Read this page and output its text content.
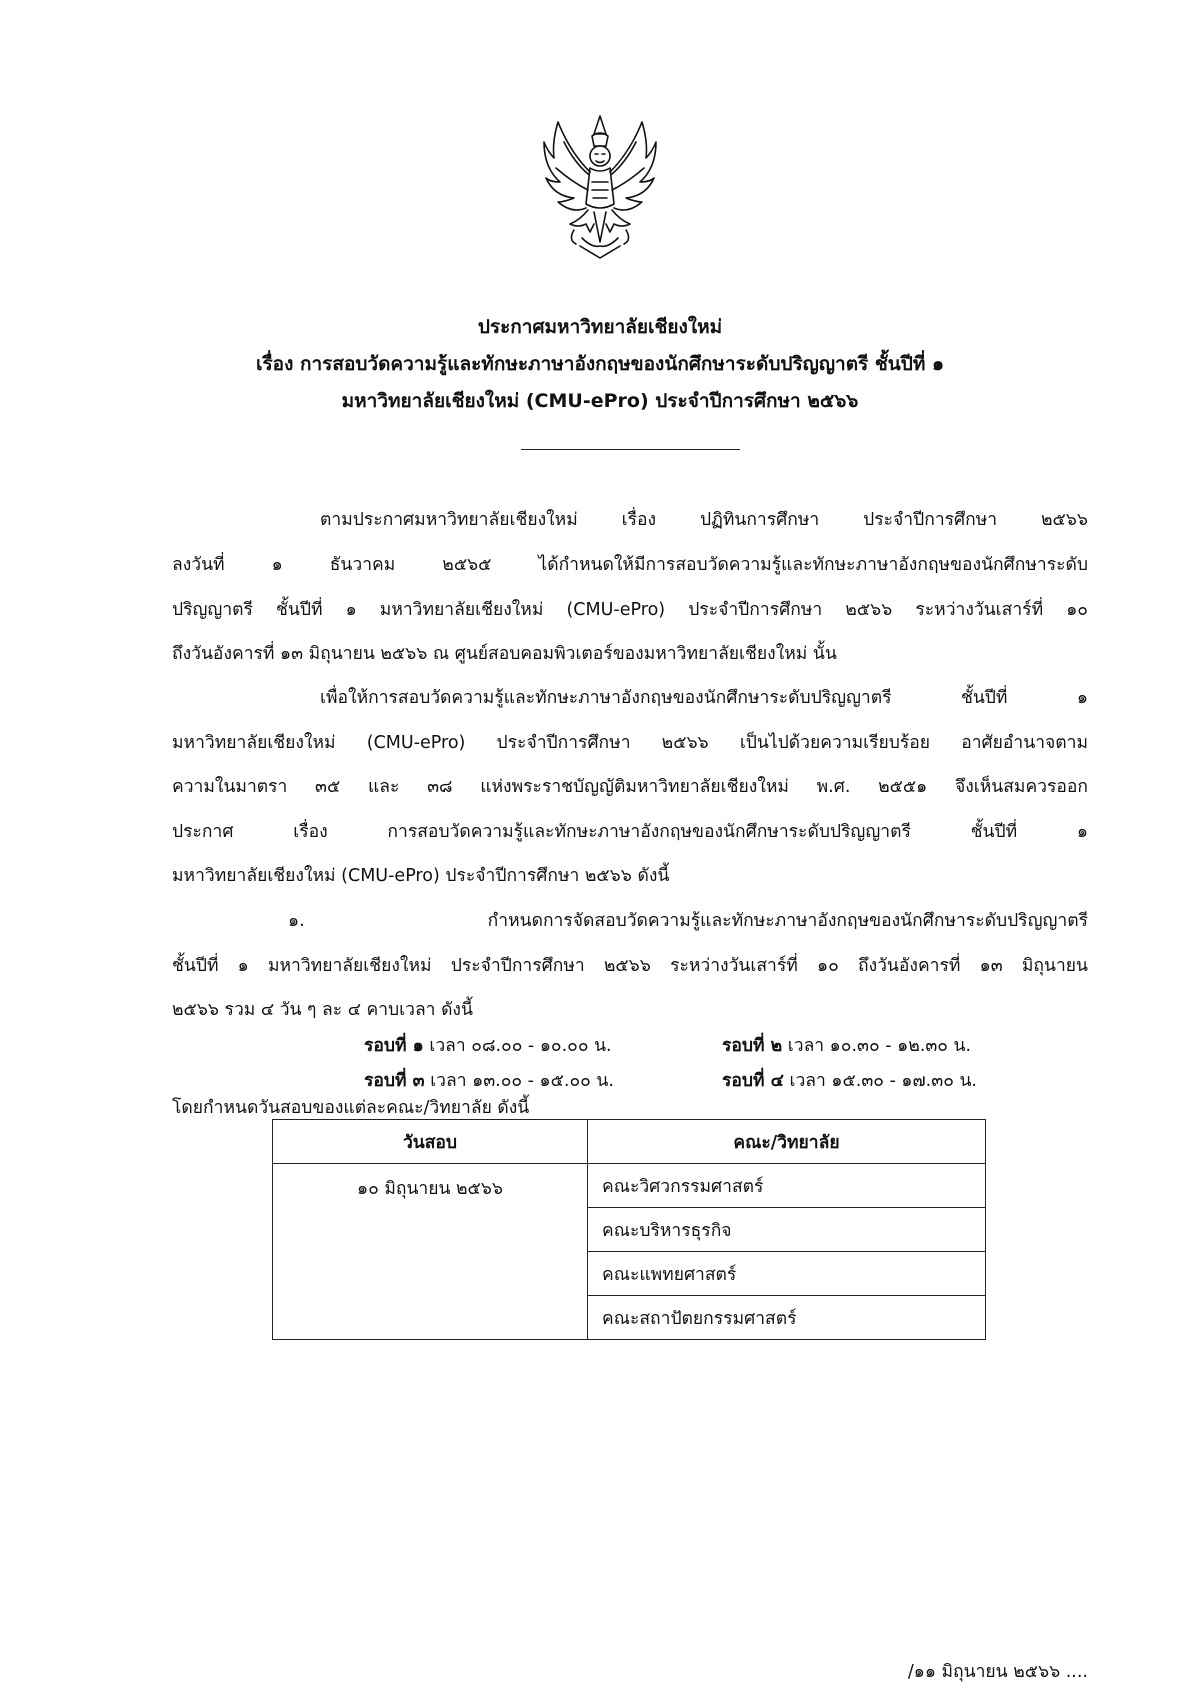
ประกาศมหาวิทยาลัยเชียงใหม่
เรื่อง การสอบวัดความรู้และทักษะภาษาอังกฤษของนักศึกษาระดับปริญญาตรี ชั้นปีที่ ๑
มหาวิทยาลัยเชียงใหม่ (CMU-ePro) ประจำปีการศึกษา ๒๕๖๖
ตามประกาศมหาวิทยาลัยเชียงใหม่ เรื่อง ปฏิทินการศึกษา ประจำปีการศึกษา ๒๕๖๖
ลงวันที่ ๑ ธันวาคม ๒๕๖๕ ได้กำหนดให้มีการสอบวัดความรู้และทักษะภาษาอังกฤษของนักศึกษาระดับ
ปริญญาตรี ชั้นปีที่ ๑ มหาวิทยาลัยเชียงใหม่ (CMU-ePro) ประจำปีการศึกษา ๒๕๖๖ ระหว่างวันเสาร์ที่ ๑๐
ถึงวันอังคารที่ ๑๓ มิถุนายน ๒๕๖๖ ณ ศูนย์สอบคอมพิวเตอร์ของมหาวิทยาลัยเชียงใหม่ นั้น
เพื่อให้การสอบวัดความรู้และทักษะภาษาอังกฤษของนักศึกษาระดับปริญญาตรี ชั้นปีที่ ๑
มหาวิทยาลัยเชียงใหม่ (CMU-ePro) ประจำปีการศึกษา ๒๕๖๖ เป็นไปด้วยความเรียบร้อย อาศัยอำนาจตาม
ความในมาตรา ๓๕ และ ๓๘ แห่งพระราชบัญญัติมหาวิทยาลัยเชียงใหม่ พ.ศ. ๒๕๕๑ จึงเห็นสมควรออก
ประกาศ เรื่อง การสอบวัดความรู้และทักษะภาษาอังกฤษของนักศึกษาระดับปริญญาตรี ชั้นปีที่ ๑
มหาวิทยาลัยเชียงใหม่ (CMU-ePro) ประจำปีการศึกษา ๒๕๖๖ ดังนี้
๑. กำหนดการจัดสอบวัดความรู้และทักษะภาษาอังกฤษของนักศึกษาระดับปริญญาตรี
ชั้นปีที่ ๑ มหาวิทยาลัยเชียงใหม่ ประจำปีการศึกษา ๒๕๖๖ ระหว่างวันเสาร์ที่ ๑๐ ถึงวันอังคารที่ ๑๓ มิถุนายน
๒๕๖๖ รวม ๔ วัน ๆ ละ ๔ คาบเวลา ดังนี้
รอบที่ ๑ เวลา ๐๘.๐๐ - ๑๐.๐๐ น.	รอบที่ ๒ เวลา ๑๐.๓๐ - ๑๒.๓๐ น.
รอบที่ ๓ เวลา ๑๓.๐๐ - ๑๕.๐๐ น.	รอบที่ ๔ เวลา ๑๕.๓๐ - ๑๗.๓๐ น.
โดยกำหนดวันสอบของแต่ละคณะ/วิทยาลัย ดังนี้
วันสอบ	คณะ/วิทยาลัย
๑๐ มิถุนายน ๒๕๖๖	คณะวิศวกรรมศาสตร์
	คณะบริหารธุรกิจ
	คณะแพทยศาสตร์
	คณะสถาปัตยกรรมศาสตร์
/๑๑ มิถุนายน ๒๕๖๖ ....
